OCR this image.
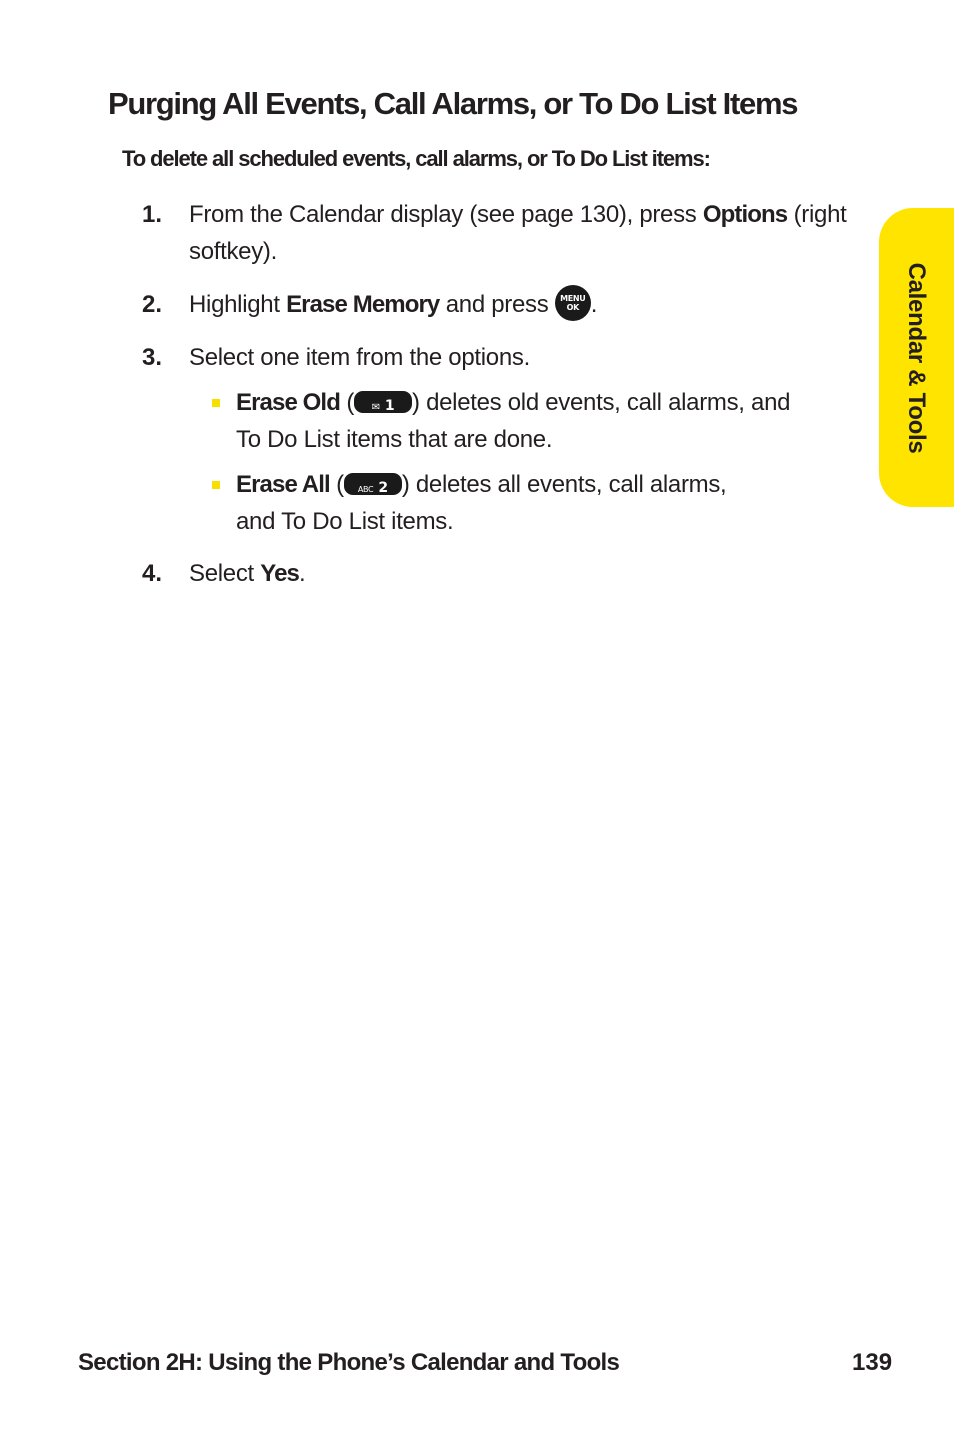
Purging All Events, Call Alarms, or To Do List Items

To delete all scheduled events, call alarms, or To Do List items:

1. From the Calendar display (see page 130), press Options (right softkey).
2. Highlight Erase Memory and press MENU
OK .
3. Select one item from the options.
Erase Old ( ✉ 1 ) deletes old events, call alarms, and
To Do List items that are done.
Erase All ( ABC 2 ) deletes all events, call alarms,
and To Do List items.
4. Select Yes.
Calendar & Tools
Section 2H: Using the Phone’s Calendar and Tools	139
